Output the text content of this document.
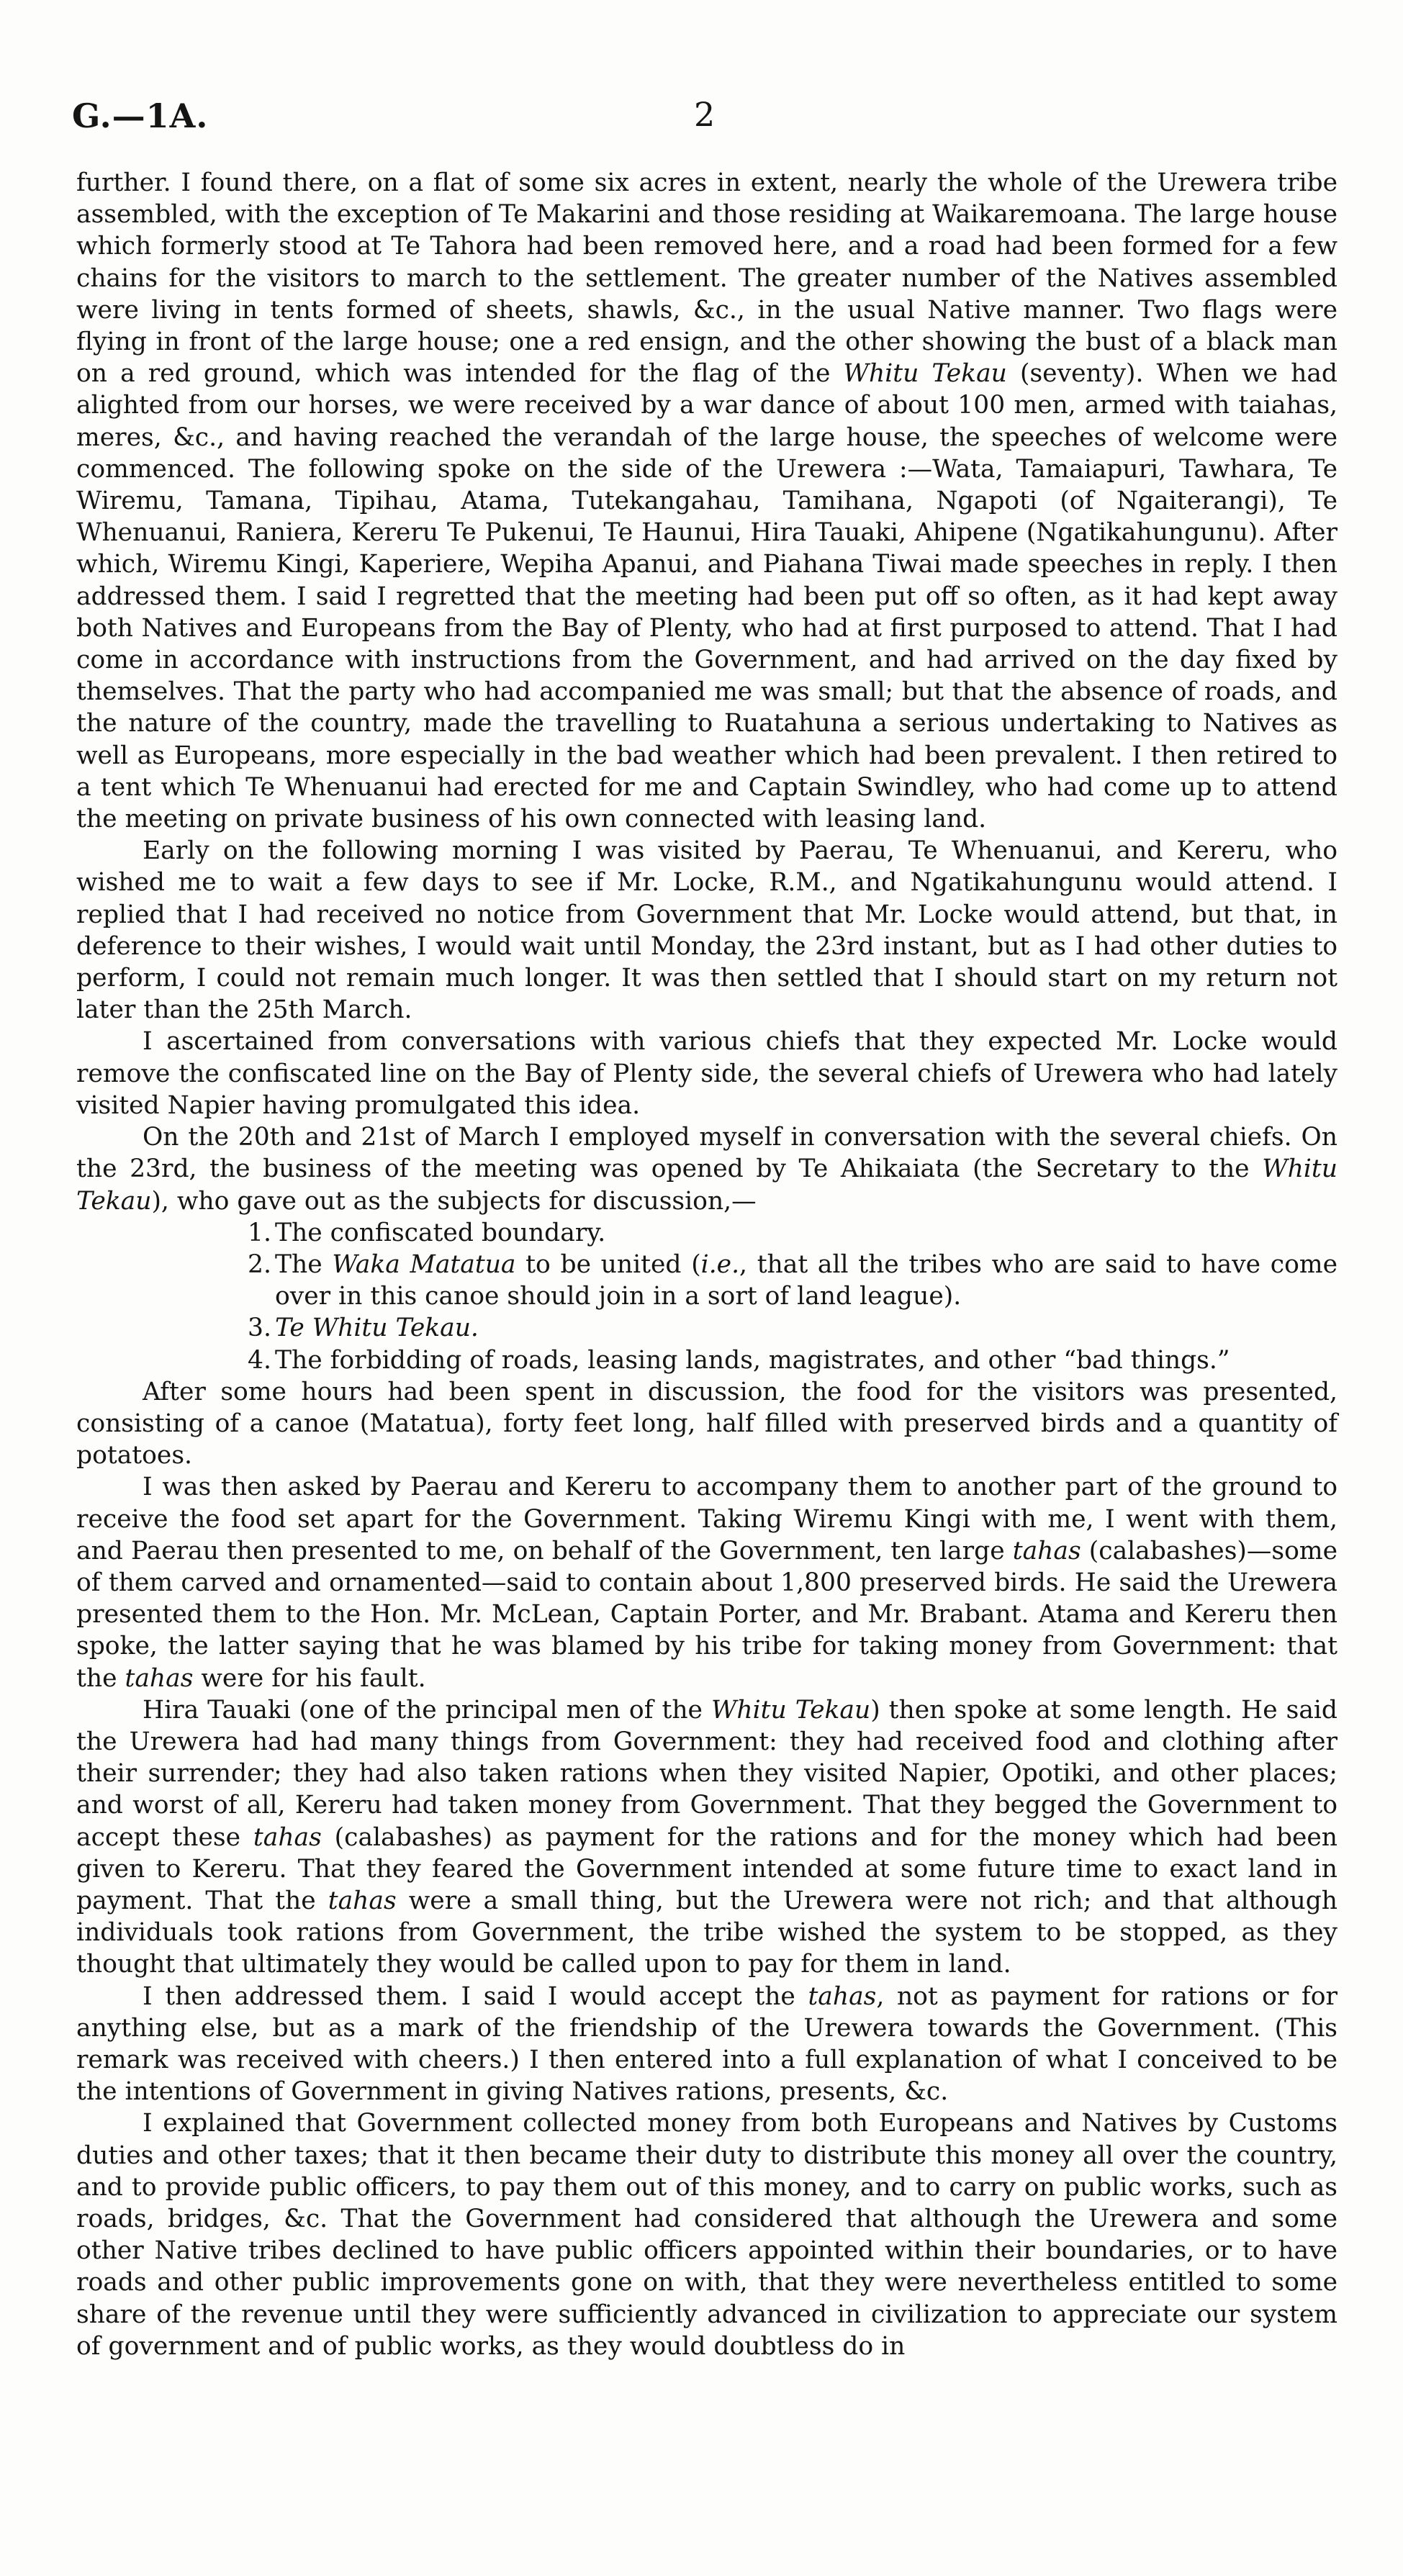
G.—1A.	2

further. I found there, on a flat of some six acres in extent, nearly the whole of the Urewera tribe assembled, with the exception of Te Makarini and those residing at Waikaremoana. The large house which formerly stood at Te Tahora had been removed here, and a road had been formed for a few chains for the visitors to march to the settlement. The greater number of the Natives assembled were living in tents formed of sheets, shawls, &c., in the usual Native manner. Two flags were flying in front of the large house; one a red ensign, and the other showing the bust of a black man on a red ground, which was intended for the flag of the Whitu Tekau (seventy). When we had alighted from our horses, we were received by a war dance of about 100 men, armed with taiahas, meres, &c., and having reached the verandah of the large house, the speeches of welcome were commenced. The following spoke on the side of the Urewera :—Wata, Tamaiapuri, Tawhara, Te Wiremu, Tamana, Tipihau, Atama, Tutekangahau, Tamihana, Ngapoti (of Ngaiterangi), Te Whenuanui, Raniera, Kereru Te Pukenui, Te Haunui, Hira Tauaki, Ahipene (Ngatikahungunu). After which, Wiremu Kingi, Kaperiere, Wepiha Apanui, and Piahana Tiwai made speeches in reply. I then addressed them. I said I regretted that the meeting had been put off so often, as it had kept away both Natives and Europeans from the Bay of Plenty, who had at first purposed to attend. That I had come in accordance with instructions from the Government, and had arrived on the day fixed by themselves. That the party who had accompanied me was small; but that the absence of roads, and the nature of the country, made the travelling to Ruatahuna a serious undertaking to Natives as well as Europeans, more especially in the bad weather which had been prevalent. I then retired to a tent which Te Whenuanui had erected for me and Captain Swindley, who had come up to attend the meeting on private business of his own connected with leasing land.

Early on the following morning I was visited by Paerau, Te Whenuanui, and Kereru, who wished me to wait a few days to see if Mr. Locke, R.M., and Ngatikahungunu would attend. I replied that I had received no notice from Government that Mr. Locke would attend, but that, in deference to their wishes, I would wait until Monday, the 23rd instant, but as I had other duties to perform, I could not remain much longer. It was then settled that I should start on my return not later than the 25th March.

I ascertained from conversations with various chiefs that they expected Mr. Locke would remove the confiscated line on the Bay of Plenty side, the several chiefs of Urewera who had lately visited Napier having promulgated this idea.

On the 20th and 21st of March I employed myself in conversation with the several chiefs. On the 23rd, the business of the meeting was opened by Te Ahikaiata (the Secretary to the Whitu Tekau), who gave out as the subjects for discussion,—

1. The confiscated boundary.
2. The Waka Matatua to be united (i.e., that all the tribes who are said to have come over in this canoe should join in a sort of land league).
3. Te Whitu Tekau.
4. The forbidding of roads, leasing lands, magistrates, and other “bad things.”

After some hours had been spent in discussion, the food for the visitors was presented, consisting of a canoe (Matatua), forty feet long, half filled with preserved birds and a quantity of potatoes.

I was then asked by Paerau and Kereru to accompany them to another part of the ground to receive the food set apart for the Government. Taking Wiremu Kingi with me, I went with them, and Paerau then presented to me, on behalf of the Government, ten large tahas (calabashes)—some of them carved and ornamented—said to contain about 1,800 preserved birds. He said the Urewera presented them to the Hon. Mr. McLean, Captain Porter, and Mr. Brabant. Atama and Kereru then spoke, the latter saying that he was blamed by his tribe for taking money from Government: that the tahas were for his fault.

Hira Tauaki (one of the principal men of the Whitu Tekau) then spoke at some length. He said the Urewera had had many things from Government: they had received food and clothing after their surrender; they had also taken rations when they visited Napier, Opotiki, and other places; and worst of all, Kereru had taken money from Government. That they begged the Government to accept these tahas (calabashes) as payment for the rations and for the money which had been given to Kereru. That they feared the Government intended at some future time to exact land in payment. That the tahas were a small thing, but the Urewera were not rich; and that although individuals took rations from Government, the tribe wished the system to be stopped, as they thought that ultimately they would be called upon to pay for them in land.

I then addressed them. I said I would accept the tahas, not as payment for rations or for anything else, but as a mark of the friendship of the Urewera towards the Government. (This remark was received with cheers.) I then entered into a full explanation of what I conceived to be the intentions of Government in giving Natives rations, presents, &c.

I explained that Government collected money from both Europeans and Natives by Customs duties and other taxes; that it then became their duty to distribute this money all over the country, and to provide public officers, to pay them out of this money, and to carry on public works, such as roads, bridges, &c. That the Government had considered that although the Urewera and some other Native tribes declined to have public officers appointed within their boundaries, or to have roads and other public improvements gone on with, that they were nevertheless entitled to some share of the revenue until they were sufficiently advanced in civilization to appreciate our system of government and of public works, as they would doubtless do in
